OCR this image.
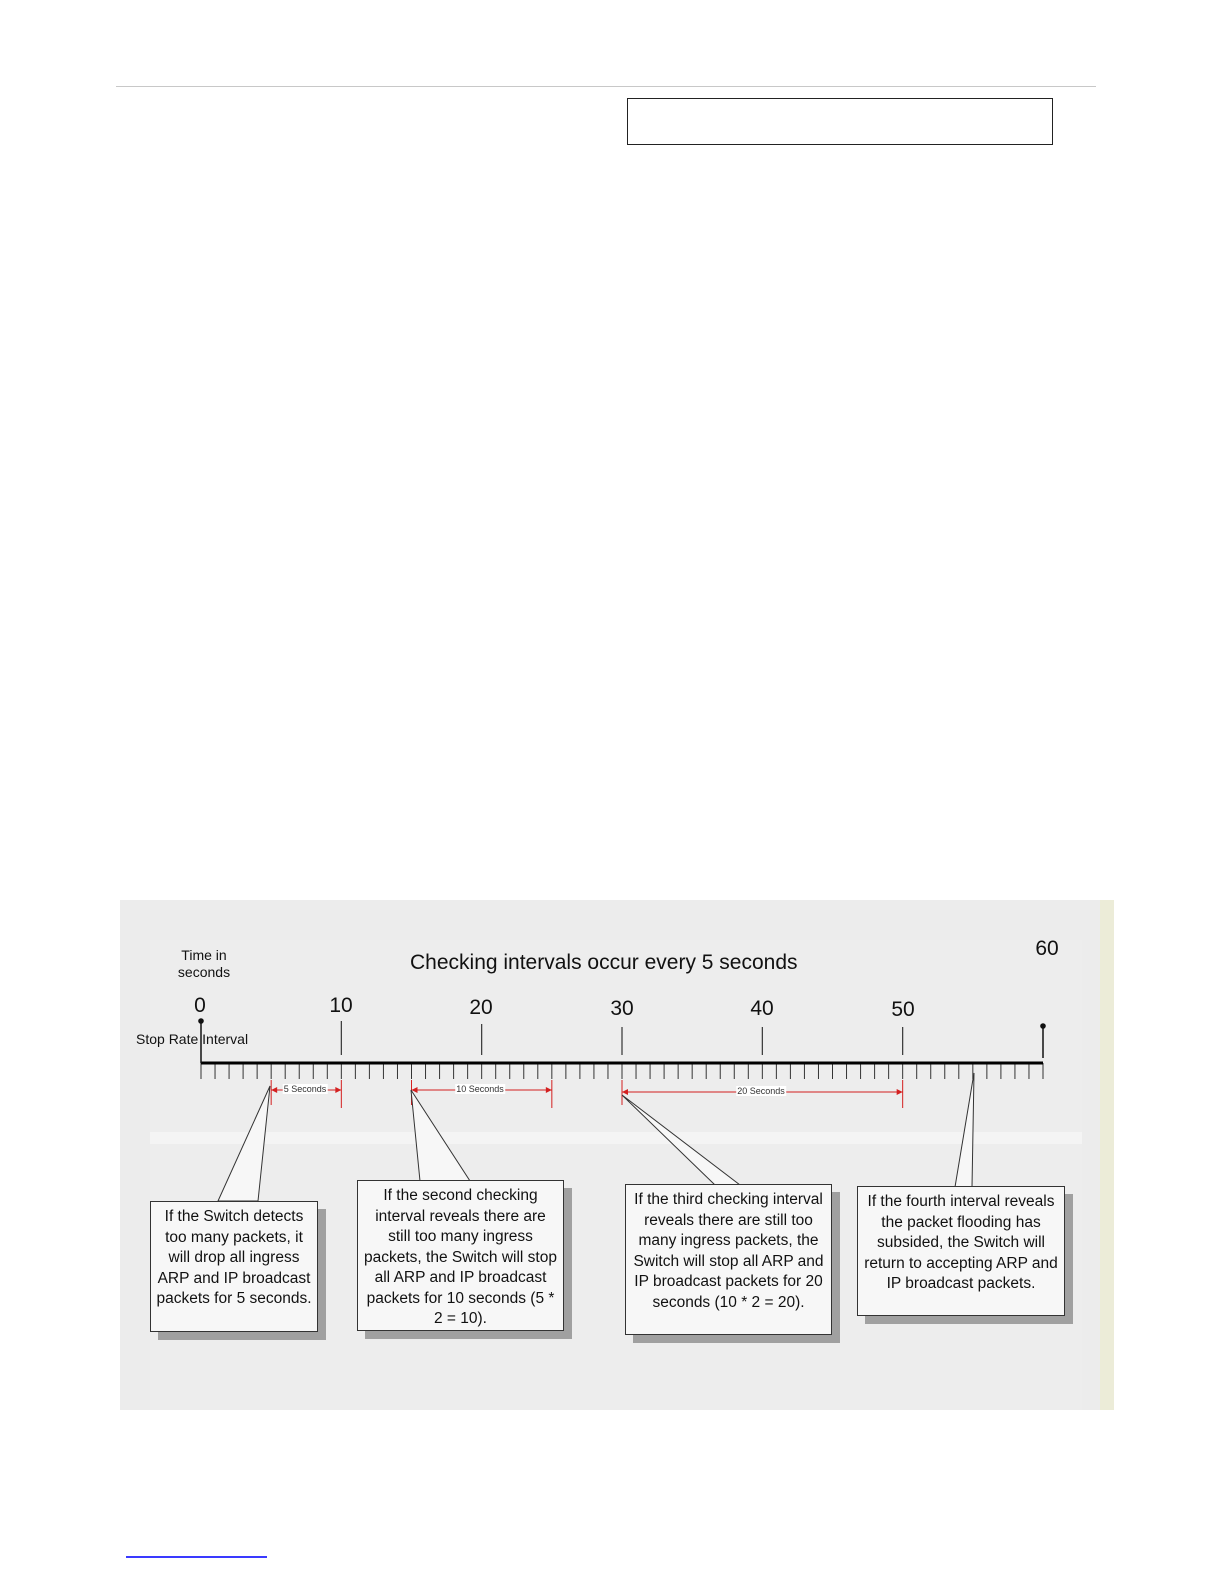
Checking intervals occur every 5 seconds
Time in seconds
Stop Rate Interval
0	10	20	30	40	50
60
5 Seconds	10 Seconds	20 Seconds
If the Switch detects too many packets, it will drop all ingress ARP and IP broadcast packets for 5 seconds.
If the second checking interval reveals there are still too many ingress packets, the Switch will stop all ARP and IP broadcast packets for 10 seconds (5 * 2 = 10).
If the third checking interval reveals there are still too many ingress packets, the Switch will stop all ARP and IP broadcast packets for 20 seconds (10 * 2 = 20).
If the fourth interval reveals the packet flooding has subsided, the Switch will return to accepting ARP and IP broadcast packets.
